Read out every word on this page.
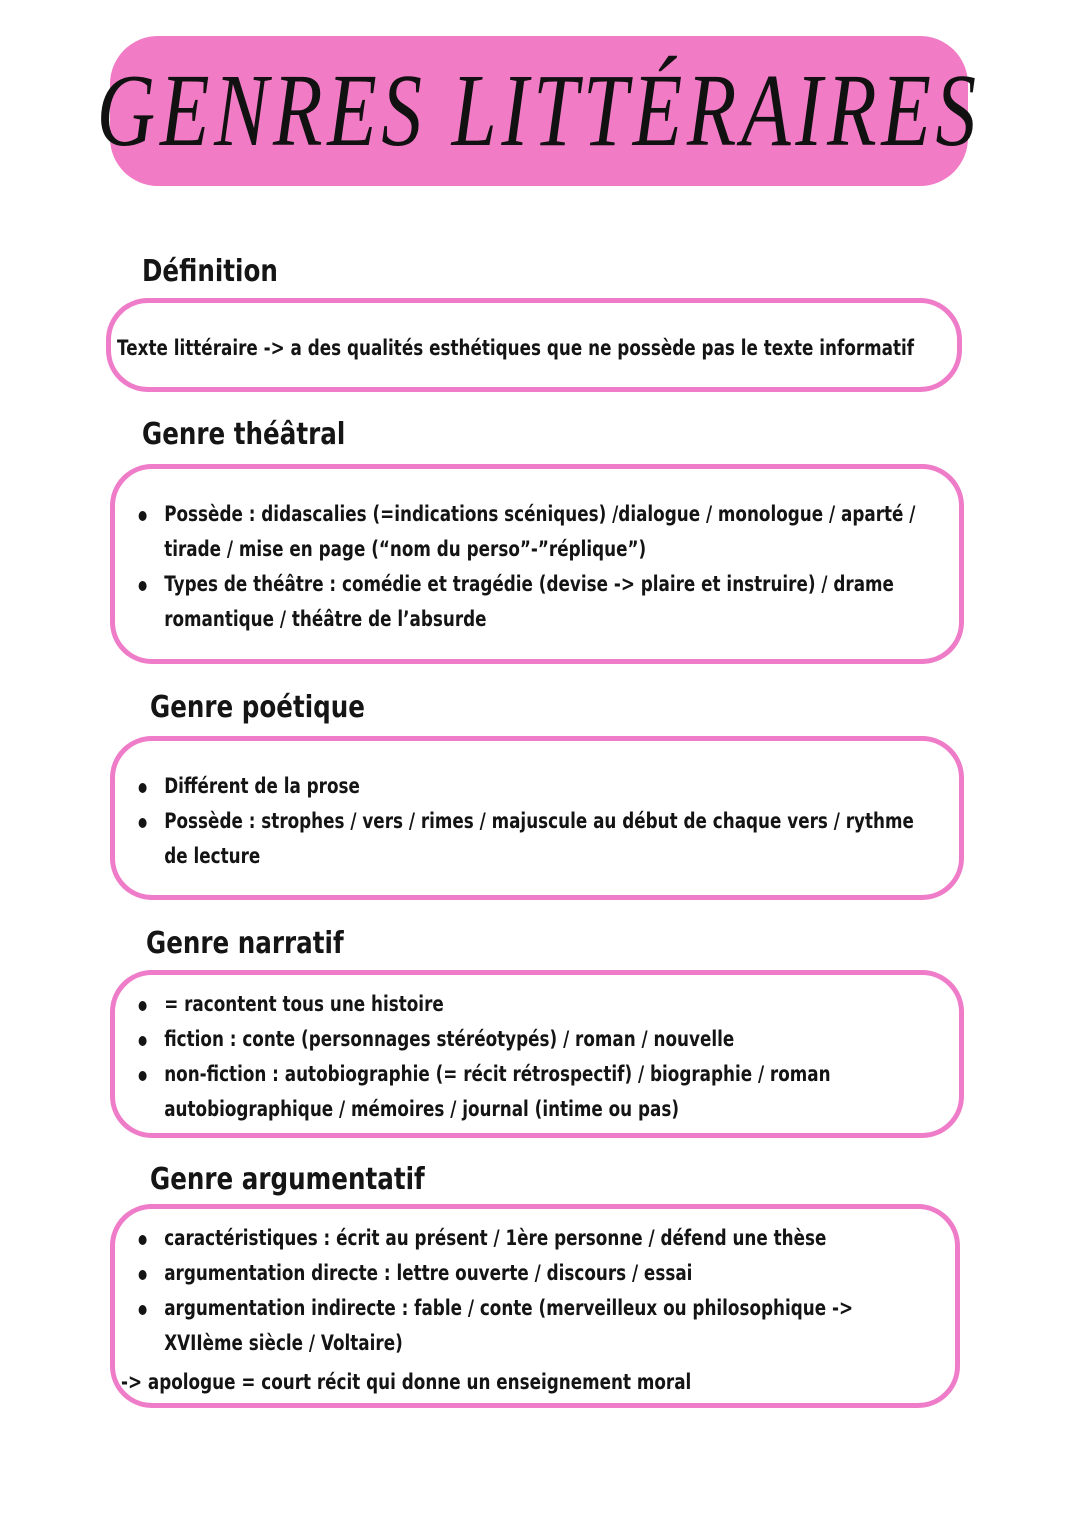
GENRES LITTÉRAIRES
Définition
Texte littéraire -> a des qualités esthétiques que ne possède pas le texte informatif
Genre théâtral
Possède : didascalies (=indications scéniques) /dialogue / monologue / aparté /
tirade / mise en page (“nom du perso”-”réplique”)
Types de théâtre : comédie et tragédie (devise -> plaire et instruire) / drame
romantique / théâtre de l’absurde
Genre poétique
Différent de la prose
Possède : strophes / vers / rimes / majuscule au début de chaque vers / rythme
de lecture
Genre narratif
= racontent tous une histoire
fiction : conte (personnages stéréotypés) / roman / nouvelle
non-fiction : autobiographie (= récit rétrospectif) / biographie / roman
autobiographique / mémoires / journal (intime ou pas)
Genre argumentatif
caractéristiques : écrit au présent / 1ère personne / défend une thèse
argumentation directe : lettre ouverte / discours / essai
argumentation indirecte : fable / conte (merveilleux ou philosophique ->
XVIIème siècle / Voltaire)
-> apologue = court récit qui donne un enseignement moral
